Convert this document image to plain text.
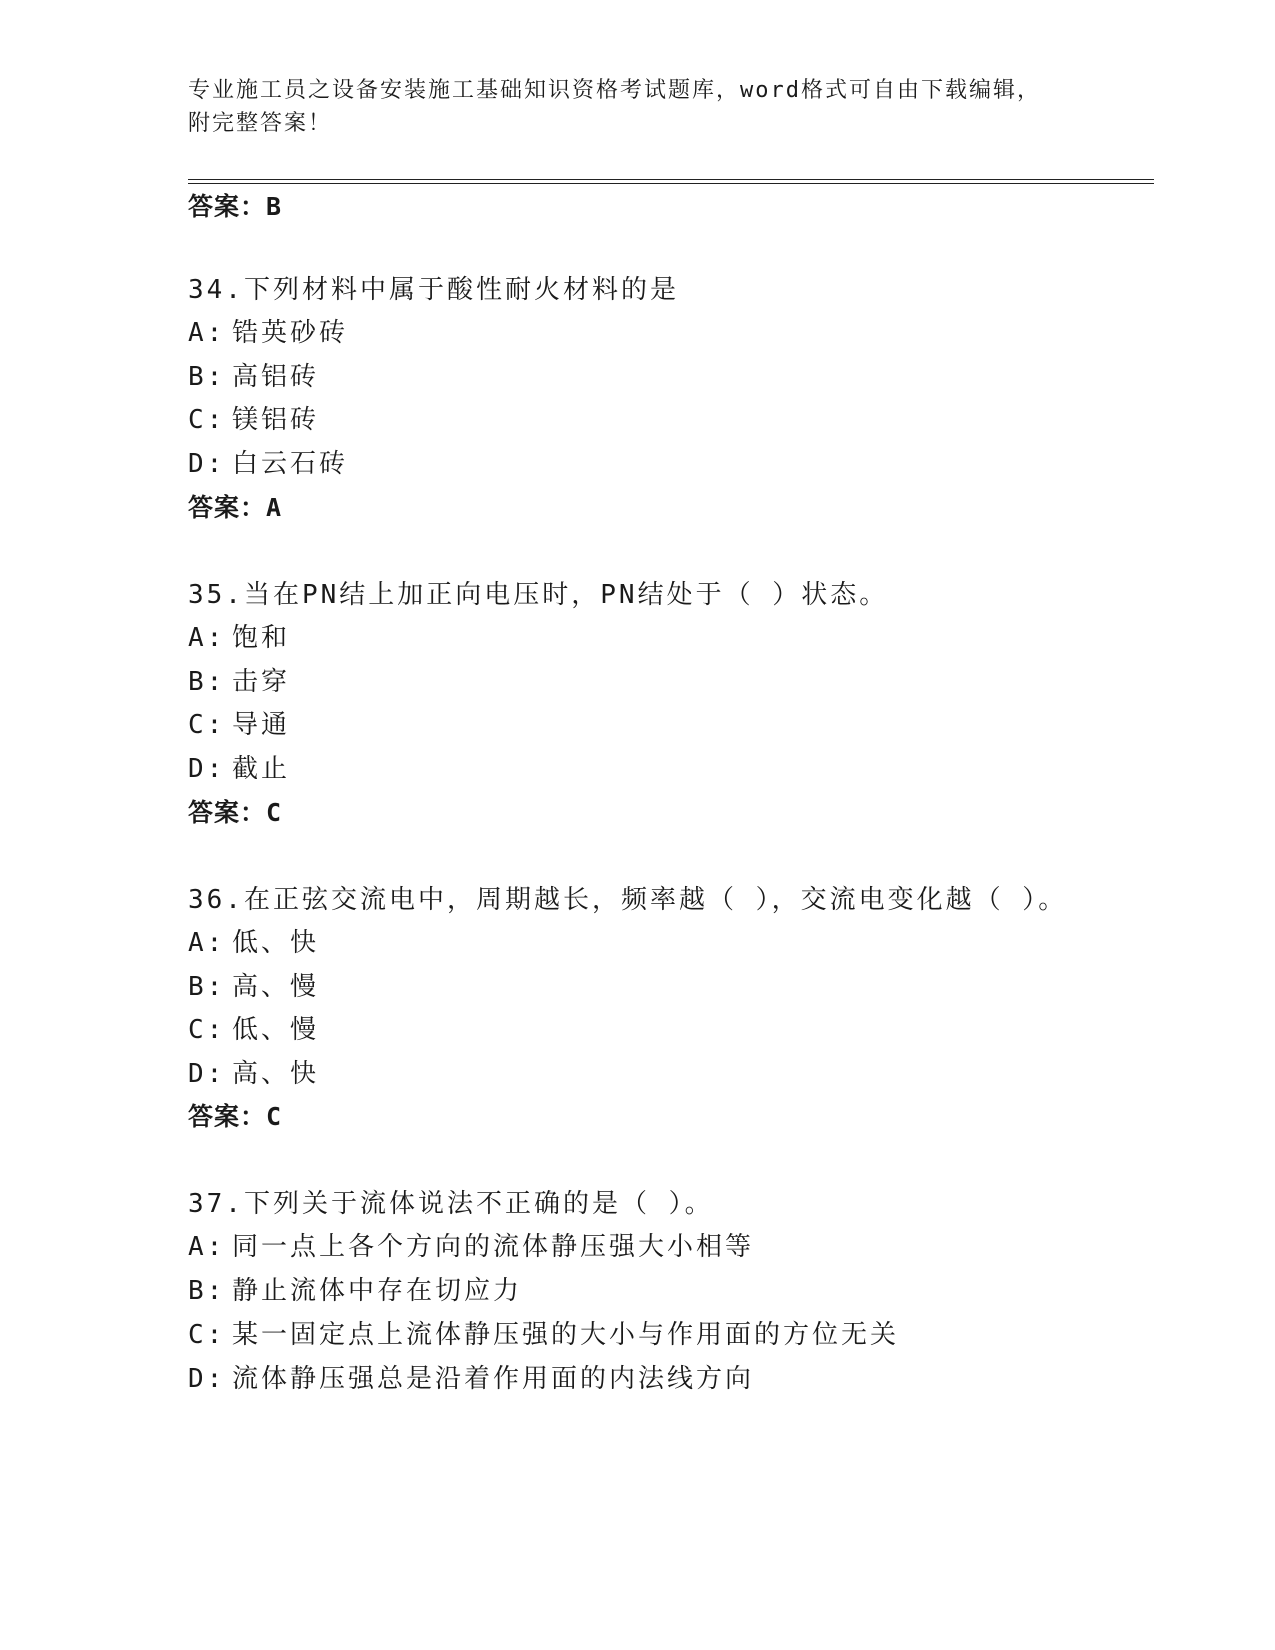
专业施工员之设备安装施工基础知识资格考试题库，word格式可自由下载编辑，
附完整答案！
答案：B
34.下列材料中属于酸性耐火材料的是
A: 锆英砂砖
B: 高铝砖
C: 镁铝砖
D: 白云石砖
答案：A
35.当在PN结上加正向电压时，PN结处于（ ）状态。
A: 饱和
B: 击穿
C: 导通
D: 截止
答案：C
36.在正弦交流电中，周期越长，频率越（ ），交流电变化越（ ）。
A: 低、快
B: 高、慢
C: 低、慢
D: 高、快
答案：C
37.下列关于流体说法不正确的是（ ）。
A: 同一点上各个方向的流体静压强大小相等
B: 静止流体中存在切应力
C: 某一固定点上流体静压强的大小与作用面的方位无关
D: 流体静压强总是沿着作用面的内法线方向
